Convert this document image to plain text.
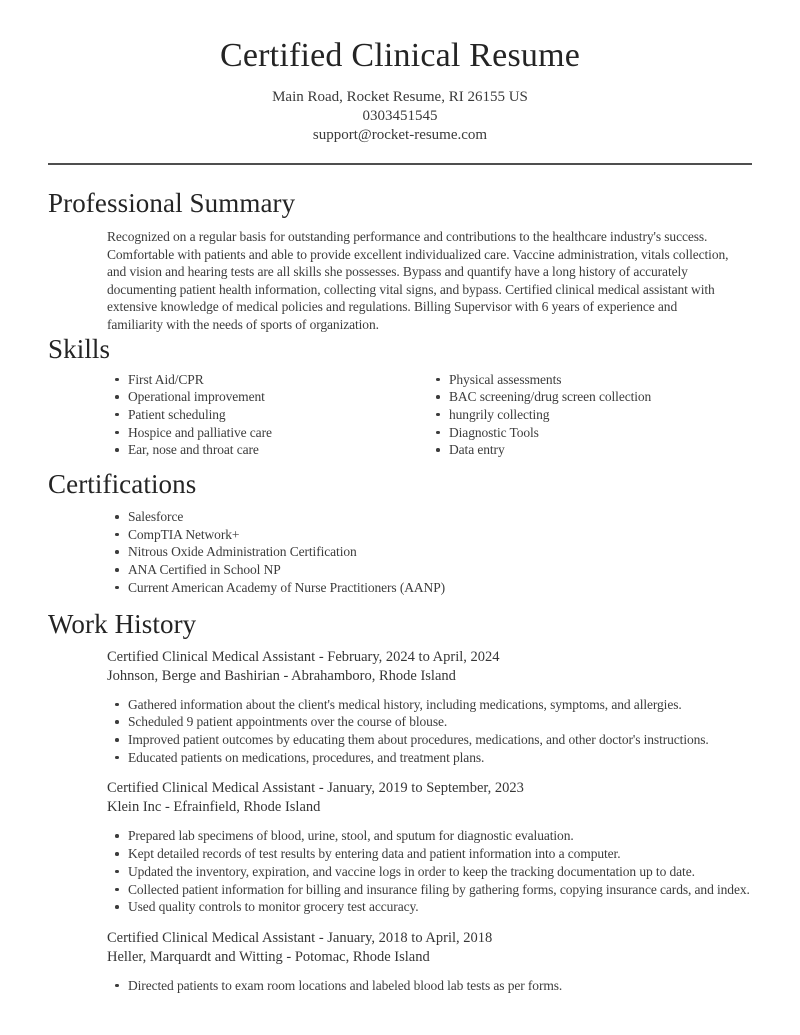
Certified Clinical Resume
Main Road, Rocket Resume, RI 26155 US
0303451545
support@rocket-resume.com
Professional Summary

Recognized on a regular basis for outstanding performance and contributions to the healthcare industry's success. Comfortable with patients and able to provide excellent individualized care. Vaccine administration, vitals collection, and vision and hearing tests are all skills she possesses. Bypass and quantify have a long history of accurately documenting patient health information, collecting vital signs, and bypass. Certified clinical medical assistant with extensive knowledge of medical policies and regulations. Billing Supervisor with 6 years of experience and familiarity with the needs of sports of organization.

Skills
First Aid/CPR
Operational improvement
Patient scheduling
Hospice and palliative care
Ear, nose and throat care
Physical assessments
BAC screening/drug screen collection
hungrily collecting
Diagnostic Tools
Data entry
Certifications
Salesforce
CompTIA Network+
Nitrous Oxide Administration Certification
ANA Certified in School NP
Current American Academy of Nurse Practitioners (AANP)
Work History
Certified Clinical Medical Assistant - February, 2024 to April, 2024
Johnson, Berge and Bashirian - Abrahamboro, Rhode Island
Gathered information about the client's medical history, including medications, symptoms, and allergies.
Scheduled 9 patient appointments over the course of blouse.
Improved patient outcomes by educating them about procedures, medications, and other doctor's instructions.
Educated patients on medications, procedures, and treatment plans.
Certified Clinical Medical Assistant - January, 2019 to September, 2023
Klein Inc - Efrainfield, Rhode Island
Prepared lab specimens of blood, urine, stool, and sputum for diagnostic evaluation.
Kept detailed records of test results by entering data and patient information into a computer.
Updated the inventory, expiration, and vaccine logs in order to keep the tracking documentation up to date.
Collected patient information for billing and insurance filing by gathering forms, copying insurance cards, and index.
Used quality controls to monitor grocery test accuracy.
Certified Clinical Medical Assistant - January, 2018 to April, 2018
Heller, Marquardt and Witting - Potomac, Rhode Island
Directed patients to exam room locations and labeled blood lab tests as per forms.
